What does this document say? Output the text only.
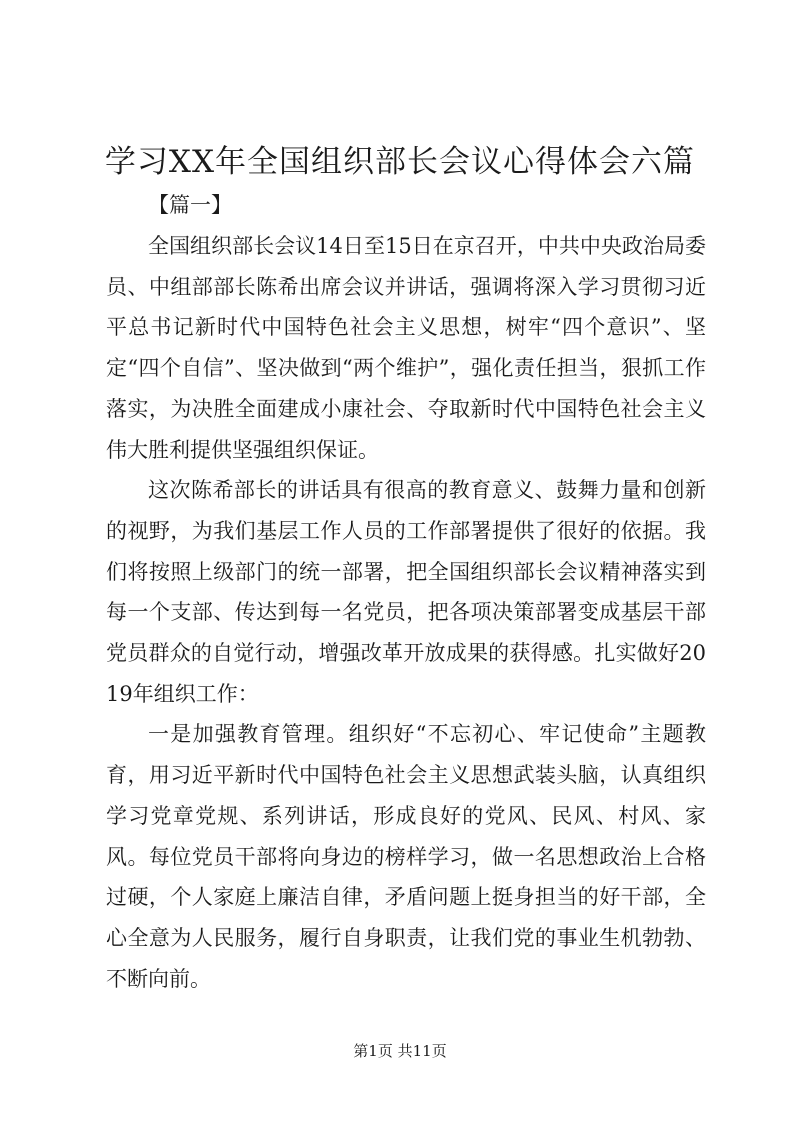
学习XX年全国组织部长会议心得体会六篇
【篇一】

全国组织部长会议14日至15日在京召开，中共中央政治局委员、中组部部长陈希出席会议并讲话，强调将深入学习贯彻习近平总书记新时代中国特色社会主义思想，树牢“四个意识”、坚定“四个自信”、坚决做到“两个维护”，强化责任担当，狠抓工作落实，为决胜全面建成小康社会、夺取新时代中国特色社会主义伟大胜利提供坚强组织保证。

这次陈希部长的讲话具有很高的教育意义、鼓舞力量和创新的视野，为我们基层工作人员的工作部署提供了很好的依据。我们将按照上级部门的统一部署，把全国组织部长会议精神落实到每一个支部、传达到每一名党员，把各项决策部署变成基层干部党员群众的自觉行动，增强改革开放成果的获得感。扎实做好2019年组织工作：

一是加强教育管理。组织好“不忘初心、牢记使命”主题教育，用习近平新时代中国特色社会主义思想武装头脑，认真组织学习党章党规、系列讲话，形成良好的党风、民风、村风、家风。每位党员干部将向身边的榜样学习，做一名思想政治上合格过硬，个人家庭上廉洁自律，矛盾问题上挺身担当的好干部，全心全意为人民服务，履行自身职责，让我们党的事业生机勃勃、不断向前。

第1页 共11页
